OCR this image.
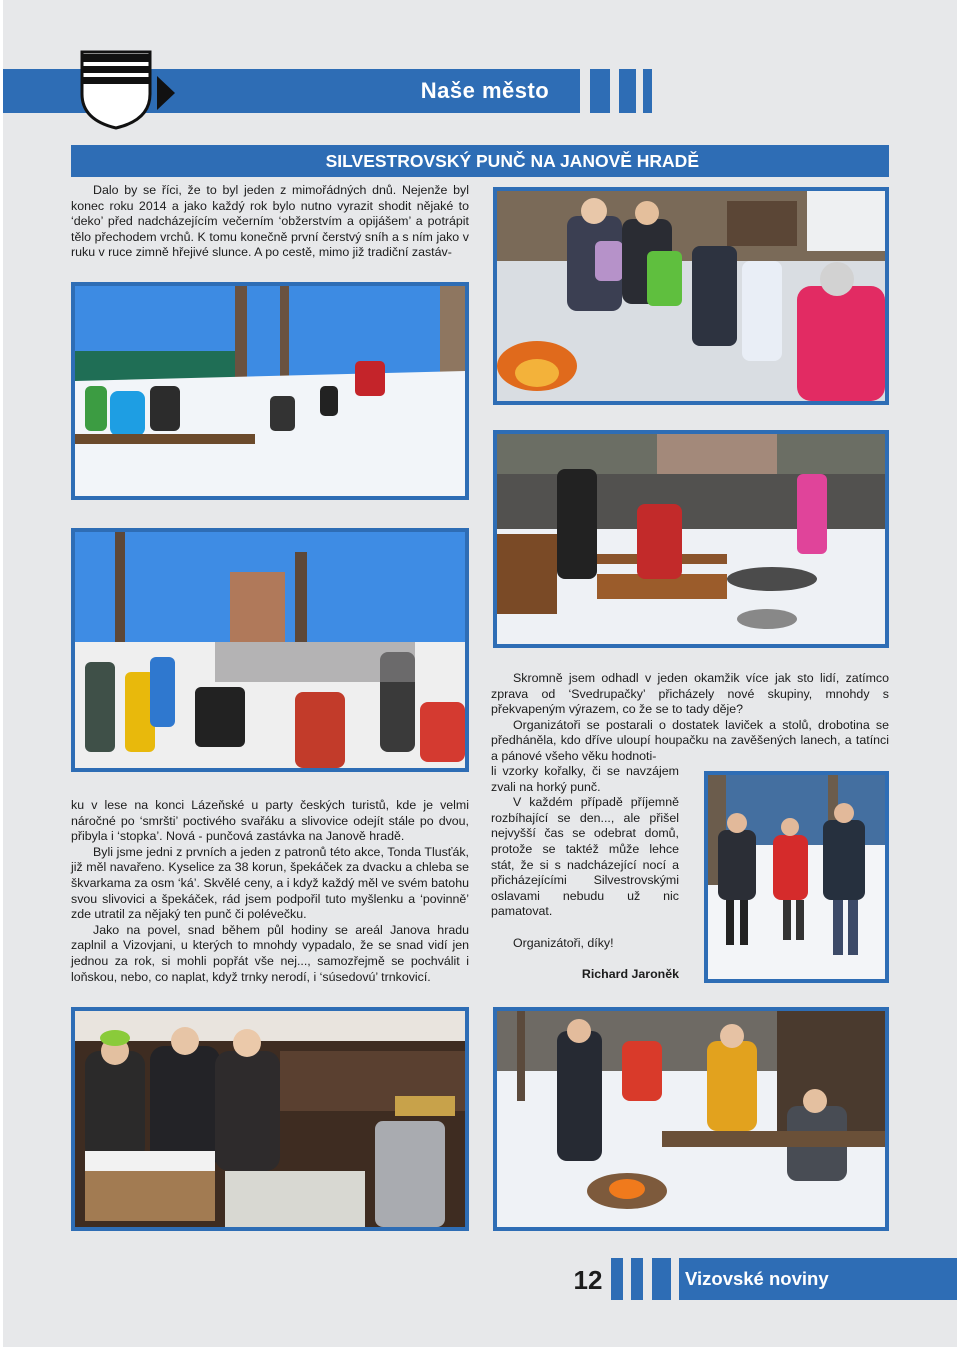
Naše město
SILVESTROVSKÝ PUNČ NA JANOVĚ HRADĚ

Dalo by se říci, že to byl jeden z mimořádných dnů. Nejenže byl konec roku 2014 a jako každý rok bylo nutno vyrazit shodit nějaké to ‘deko’ před nadcházejícím večerním ‘obžerstvím a opijášem’ a potrápit tělo přechodem vrchů. K tomu konečně první čerstvý sníh a s ním jako v ruku v ruce zimně hřejivé slunce. A po cestě, mimo již tradiční zastáv-

ku v lese na konci Lázeňské u party českých turistů, kde je velmi náročné po ‘smršti’ poctivého svařáku a slivovice odejít stále po dvou, přibyla i ‘stopka’. Nová - punčová zastávka na Janově hradě.

Byli jsme jedni z prvních a jeden z patronů této akce, Tonda Tlusťák, již měl navařeno. Kyselice za 38 korun, špekáček za dvacku a chleba se škvarkama za osm ‘ká’. Skvělé ceny, a i když každý měl ve svém batohu svou slivovici a špekáček, rád jsem podpořil tuto myšlenku a ‘povinně’ zde utratil za nějaký ten punč či polévečku.

Jako na povel, snad během půl hodiny se areál Janova hradu zaplnil a Vizovjani, u kterých to mnohdy vypadalo, že se snad vidí jen jednou za rok, si mohli popřát vše nej..., samozřejmě se pochválit i loňskou, nebo, co naplat, když trnky nerodí, i ‘súsedovú’ trnkovicí.

Skromně jsem odhadl v jeden okamžik více jak sto lidí, zatímco zprava od ‘Svedrupačky’ přicházely nové skupiny, mnohdy s překvapeným výrazem, co že se to tady děje?

Organizátoři se postarali o dostatek laviček a stolů, drobotina se předháněla, kdo dříve uloupí houpačku na zavěšených lanech, a tatínci a pánové všeho věku hodnoti-

li vzorky kořalky, či se navzájem zvali na horký punč.

V každém případě příjemně rozbíhající se den..., ale přišel nejvyšší čas se odebrat domů, protože se taktéž může lehce stát, že si s nadcházející nocí a přicházejícími Silvestrovskými oslavami nebudu už nic pamatovat.

Organizátoři, díky!

Richard Jaroněk

12	Vizovské noviny
